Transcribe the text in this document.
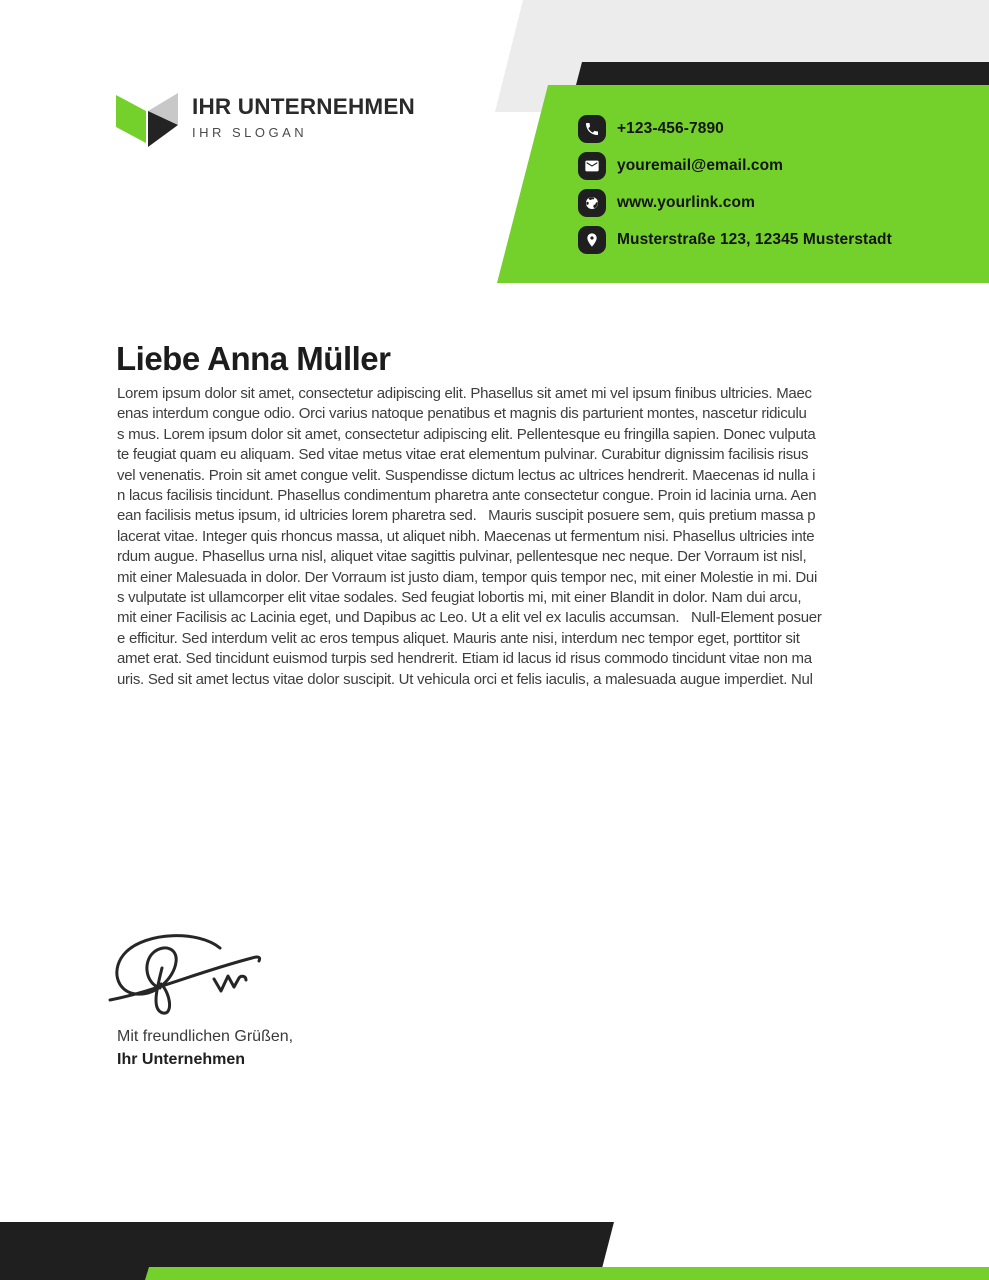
IHR UNTERNEHMEN
IHR SLOGAN	+123-456-7890
youremail@email.com
www.yourlink.com
Musterstraße 123, 12345 Musterstadt
Liebe Anna Müller
Lorem ipsum dolor sit amet, consectetur adipiscing elit. Phasellus sit amet mi vel ipsum finibus ultricies. Maec
enas interdum congue odio. Orci varius natoque penatibus et magnis dis parturient montes, nascetur ridiculu
s mus. Lorem ipsum dolor sit amet, consectetur adipiscing elit. Pellentesque eu fringilla sapien. Donec vulputa
te feugiat quam eu aliquam. Sed vitae metus vitae erat elementum pulvinar. Curabitur dignissim facilisis risus
vel venenatis. Proin sit amet congue velit. Suspendisse dictum lectus ac ultrices hendrerit. Maecenas id nulla i
n lacus facilisis tincidunt. Phasellus condimentum pharetra ante consectetur congue. Proin id lacinia urna. Aen
ean facilisis metus ipsum, id ultricies lorem pharetra sed.   Mauris suscipit posuere sem, quis pretium massa p
lacerat vitae. Integer quis rhoncus massa, ut aliquet nibh. Maecenas ut fermentum nisi. Phasellus ultricies inte
rdum augue. Phasellus urna nisl, aliquet vitae sagittis pulvinar, pellentesque nec neque. Der Vorraum ist nisl,
mit einer Malesuada in dolor. Der Vorraum ist justo diam, tempor quis tempor nec, mit einer Molestie in mi. Dui
s vulputate ist ullamcorper elit vitae sodales. Sed feugiat lobortis mi, mit einer Blandit in dolor. Nam dui arcu,
mit einer Facilisis ac Lacinia eget, und Dapibus ac Leo. Ut a elit vel ex Iaculis accumsan.   Null-Element posuer
e efficitur. Sed interdum velit ac eros tempus aliquet. Mauris ante nisi, interdum nec tempor eget, porttitor sit
amet erat. Sed tincidunt euismod turpis sed hendrerit. Etiam id lacus id risus commodo tincidunt vitae non ma
uris. Sed sit amet lectus vitae dolor suscipit. Ut vehicula orci et felis iaculis, a malesuada augue imperdiet. Nul
Mit freundlichen Grüßen,
Ihr Unternehmen
